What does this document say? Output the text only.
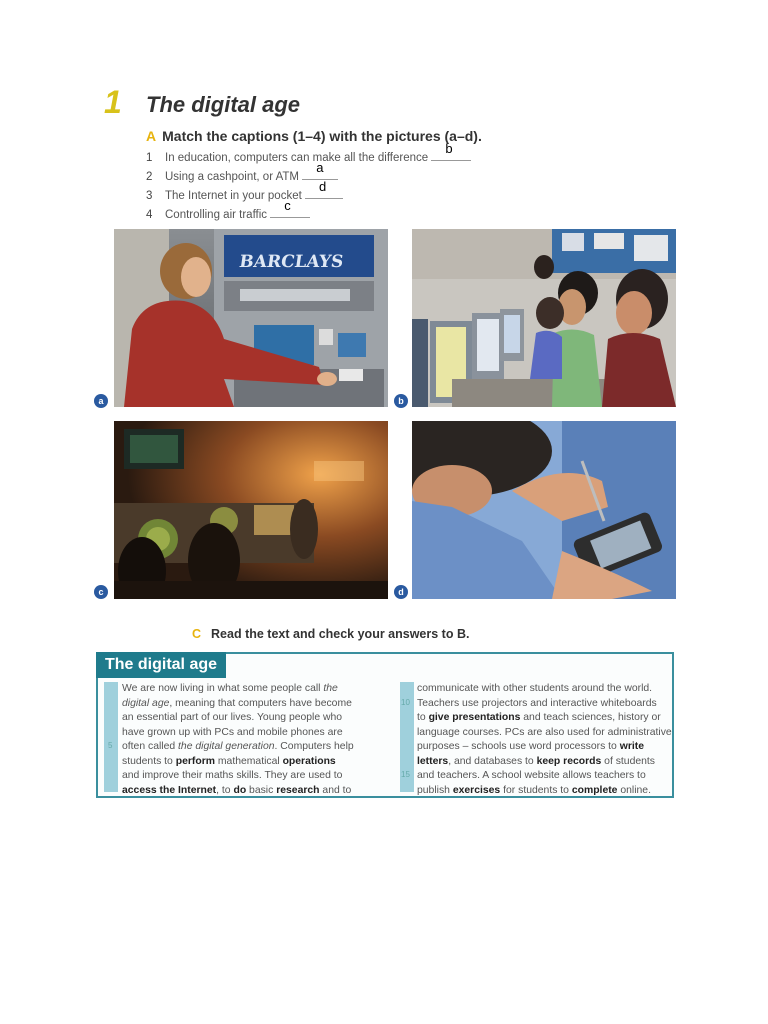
1 The digital age
A Match the captions (1–4) with the pictures (a–d).
1 In education, computers can make all the difference
b
2 Using a cashpoint, or ATM
a
3 The Internet in your pocket
d
4 Controlling air traffic
c
BARCLAYS
a	b
c	d
C Read the text and check your answers to B.
The digital age
5
10
15
We are now living in what some people call the
digital age, meaning that computers have become
an essential part of our lives. Young people who
have grown up with PCs and mobile phones are
often called the digital generation. Computers help
students to perform mathematical operations
and improve their maths skills. They are used to
access the Internet, to do basic research and to
communicate with other students around the world.
Teachers use projectors and interactive whiteboards
to give presentations and teach sciences, history or
language courses. PCs are also used for administrative
purposes – schools use word processors to write
letters, and databases to keep records of students
and teachers. A school website allows teachers to
publish exercises for students to complete online.
